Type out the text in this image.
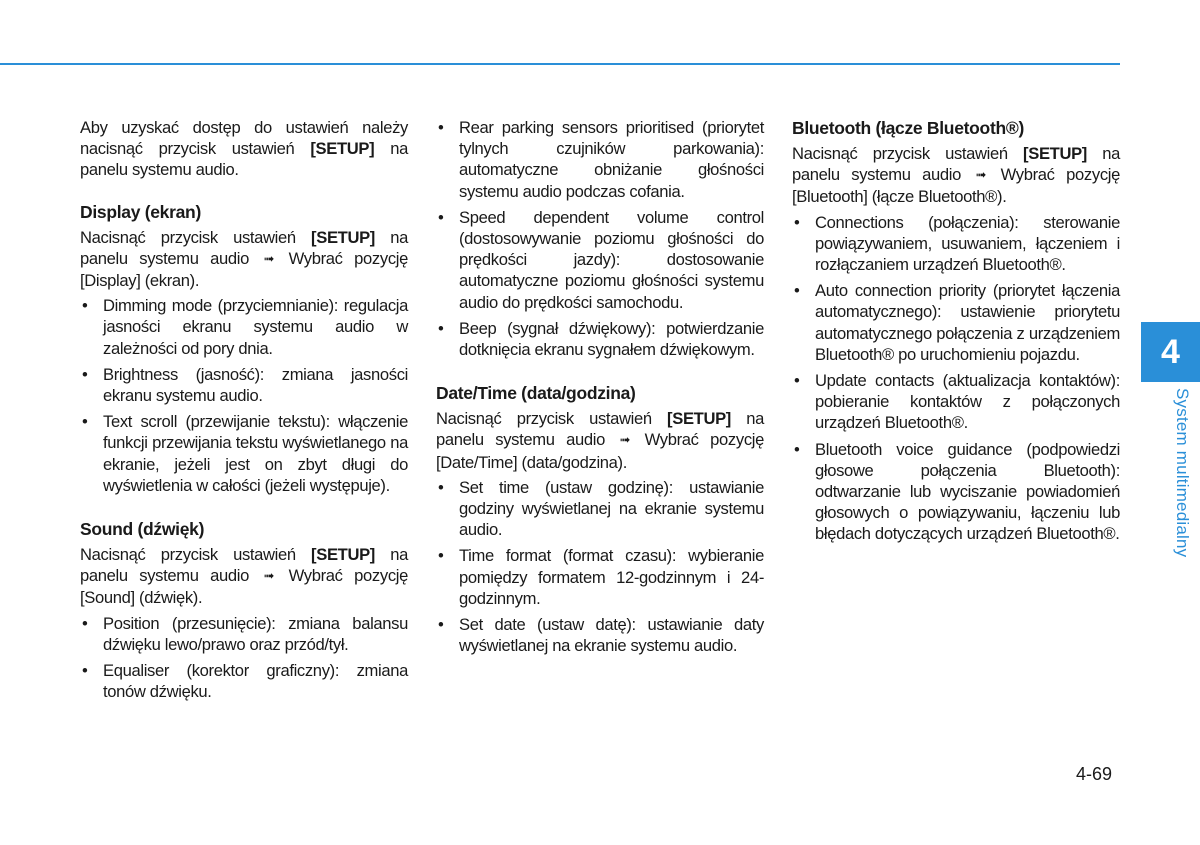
Aby uzyskać dostęp do ustawień należy nacisnąć przycisk ustawień [SETUP] na panelu systemu audio.

Display (ekran)

Nacisnąć przycisk ustawień [SETUP] na panelu systemu audio ➟ Wybrać pozycję [Display] (ekran).

• Dimming mode (przyciemnianie): regulacja jasności ekranu systemu audio w zależności od pory dnia.
• Brightness (jasność): zmiana jasności ekranu systemu audio.
• Text scroll (przewijanie tekstu): włączenie funkcji przewijania tekstu wyświetlanego na ekranie, jeżeli jest on zbyt długi do wyświetlenia w całości (jeżeli występuje).
Sound (dźwięk)

Nacisnąć przycisk ustawień [SETUP] na panelu systemu audio ➟ Wybrać pozycję [Sound] (dźwięk).

• Position (przesunięcie): zmiana balansu dźwięku lewo/prawo oraz przód/tył.
• Equaliser (korektor graficzny): zmiana tonów dźwięku.
• Rear parking sensors prioritised (priorytet tylnych czujników parkowania): automatyczne obniżanie głośności systemu audio podczas cofania.
• Speed dependent volume control (dostosowywanie poziomu głośności do prędkości jazdy): dostosowanie automatyczne poziomu głośności systemu audio do prędkości samochodu.
• Beep (sygnał dźwiękowy): potwierdzanie dotknięcia ekranu sygnałem dźwiękowym.
Date/Time (data/godzina)

Nacisnąć przycisk ustawień [SETUP] na panelu systemu audio ➟ Wybrać pozycję [Date/Time] (data/godzina).

• Set time (ustaw godzinę): ustawianie godziny wyświetlanej na ekranie systemu audio.
• Time format (format czasu): wybieranie pomiędzy formatem 12-godzinnym i 24-godzinnym.
• Set date (ustaw datę): ustawianie daty wyświetlanej na ekranie systemu audio.
Bluetooth (łącze Bluetooth®)

Nacisnąć przycisk ustawień [SETUP] na panelu systemu audio ➟ Wybrać pozycję [Bluetooth] (łącze Bluetooth®).

• Connections (połączenia): sterowanie powiązywaniem, usuwaniem, łączeniem i rozłączaniem urządzeń Bluetooth®.
• Auto connection priority (priorytet łączenia automatycznego): ustawienie priorytetu automatycznego połączenia z urządzeniem Bluetooth® po uruchomieniu pojazdu.
• Update contacts (aktualizacja kontaktów): pobieranie kontaktów z połączonych urządzeń Bluetooth®.
• Bluetooth voice guidance (podpowiedzi głosowe połączenia Bluetooth): odtwarzanie lub wyciszanie powiadomień głosowych o powiązywaniu, łączeniu lub błędach dotyczących urządzeń Bluetooth®.
4
System multimedialny
4-69
